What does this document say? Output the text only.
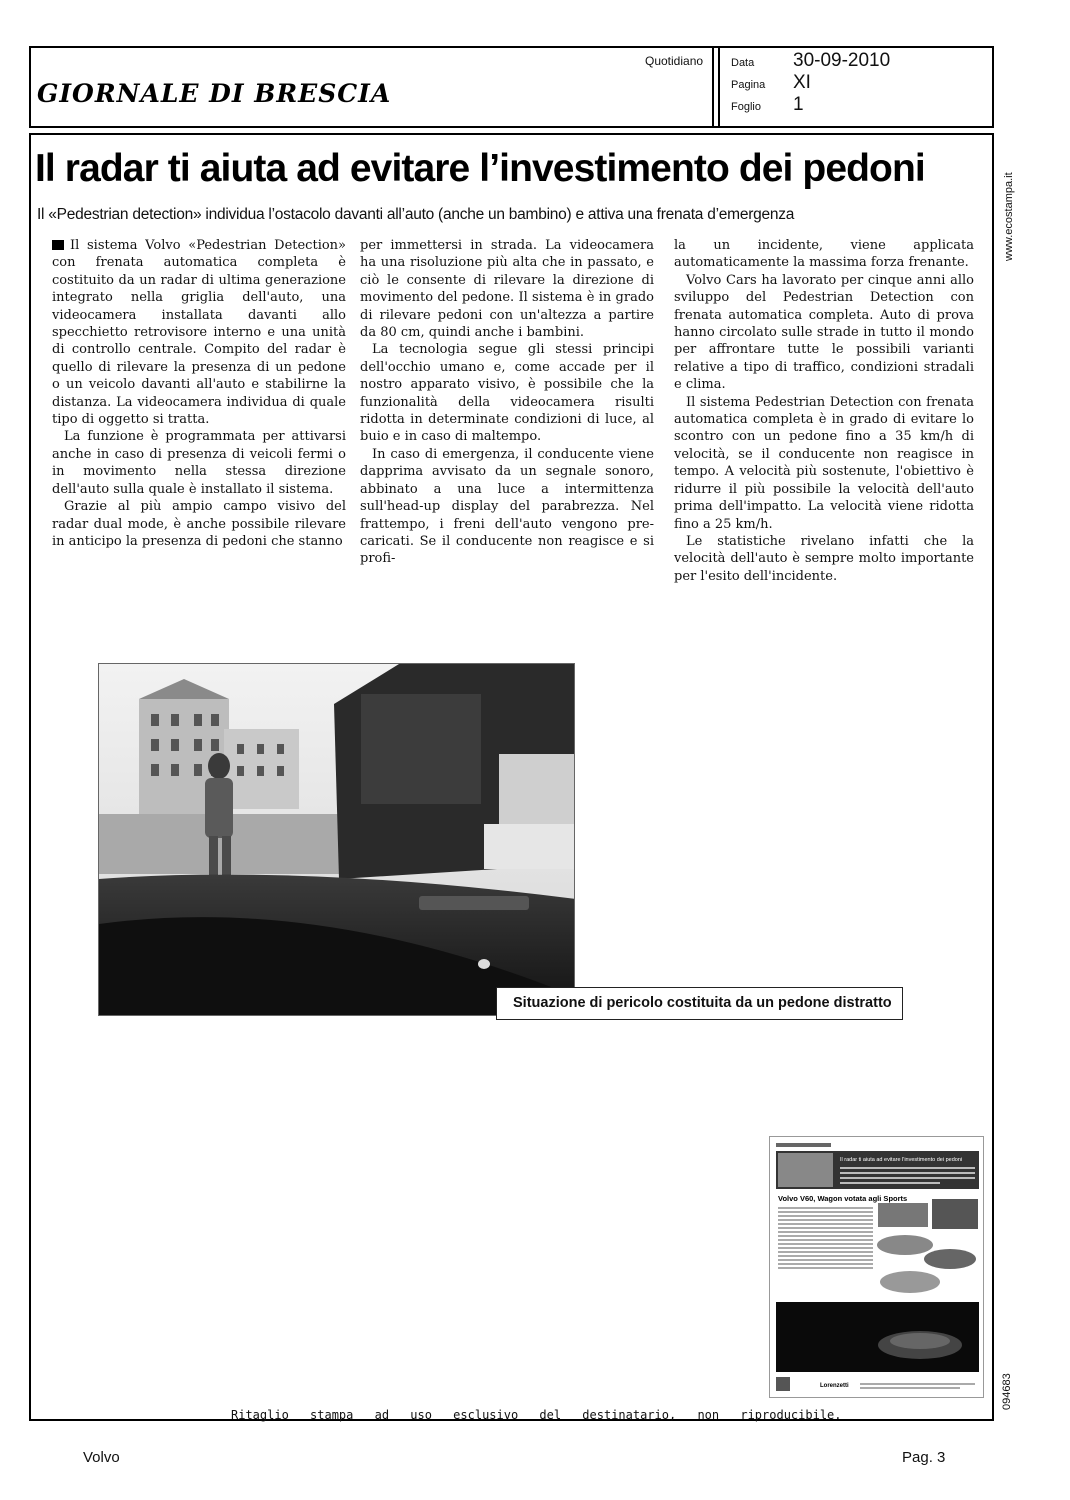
GIORNALE DI BRESCIA
Quotidiano	Data	30-09-2010
Pagina	XI
Foglio	1
Il radar ti aiuta ad evitare l’investimento dei pedoni
Il «Pedestrian detection» individua l’ostacolo davanti all’auto (anche un bambino) e attiva una frenata d’emergenza

Il sistema Volvo «Pedestrian Detection» con frenata automatica completa è costituito da un radar di ultima generazione integrato nella griglia dell'auto, una videocamera installata davanti allo specchietto retrovisore interno e una unità di controllo centrale. Compito del radar è quello di rilevare la presenza di un pedone o un veicolo davanti all'auto e stabilirne la distanza. La videocamera individua di quale tipo di oggetto si tratta.

La funzione è programmata per attivarsi anche in caso di presenza di veicoli fermi o in movimento nella stessa direzione dell'auto sulla quale è installato il sistema.

Grazie al più ampio campo visivo del radar dual mode, è anche possibile rilevare in anticipo la presenza di pedoni che stanno

per immettersi in strada. La videocamera ha una risoluzione più alta che in passato, e ciò le consente di rilevare la direzione di movimento del pedone. Il sistema è in grado di rilevare pedoni con un'altezza a partire da 80 cm, quindi anche i bambini.

La tecnologia segue gli stessi principi dell'occhio umano e, come accade per il nostro apparato visivo, è possibile che la funzionalità della videocamera risulti ridotta in determinate condizioni di luce, al buio e in caso di maltempo.

In caso di emergenza, il conducente viene dapprima avvisato da un segnale sonoro, abbinato a una luce a intermittenza sull'head-up display del parabrezza. Nel frattempo, i freni dell'auto vengono pre-caricati. Se il conducente non reagisce e si profi-

la un incidente, viene applicata automaticamente la massima forza frenante.

Volvo Cars ha lavorato per cinque anni allo sviluppo del Pedestrian Detection con frenata automatica completa. Auto di prova hanno circolato sulle strade in tutto il mondo per affrontare tutte le possibili varianti relative a tipo di traffico, condizioni stradali e clima.

Il sistema Pedestrian Detection con frenata automatica completa è in grado di evitare lo scontro con un pedone fino a 35 km/h di velocità, se il conducente non reagisce in tempo. A velocità più sostenute, l'obiettivo è ridurre il più possibile la velocità dell'auto prima dell'impatto. La velocità viene ridotta fino a 25 km/h.

Le statistiche rivelano infatti che la velocità dell'auto è sempre molto importante per l'esito dell'incidente.

Situazione di pericolo costituita da un pedone distratto
Il radar ti aiuta ad evitare l'investimento dei pedoni
Volvo V60, Wagon votata agli Sports
Lorenzetti
Ritaglio stampa ad uso esclusivo del destinatario, non riproducibile.
www.ecostampa.it
094683
Volvo	Pag. 3
